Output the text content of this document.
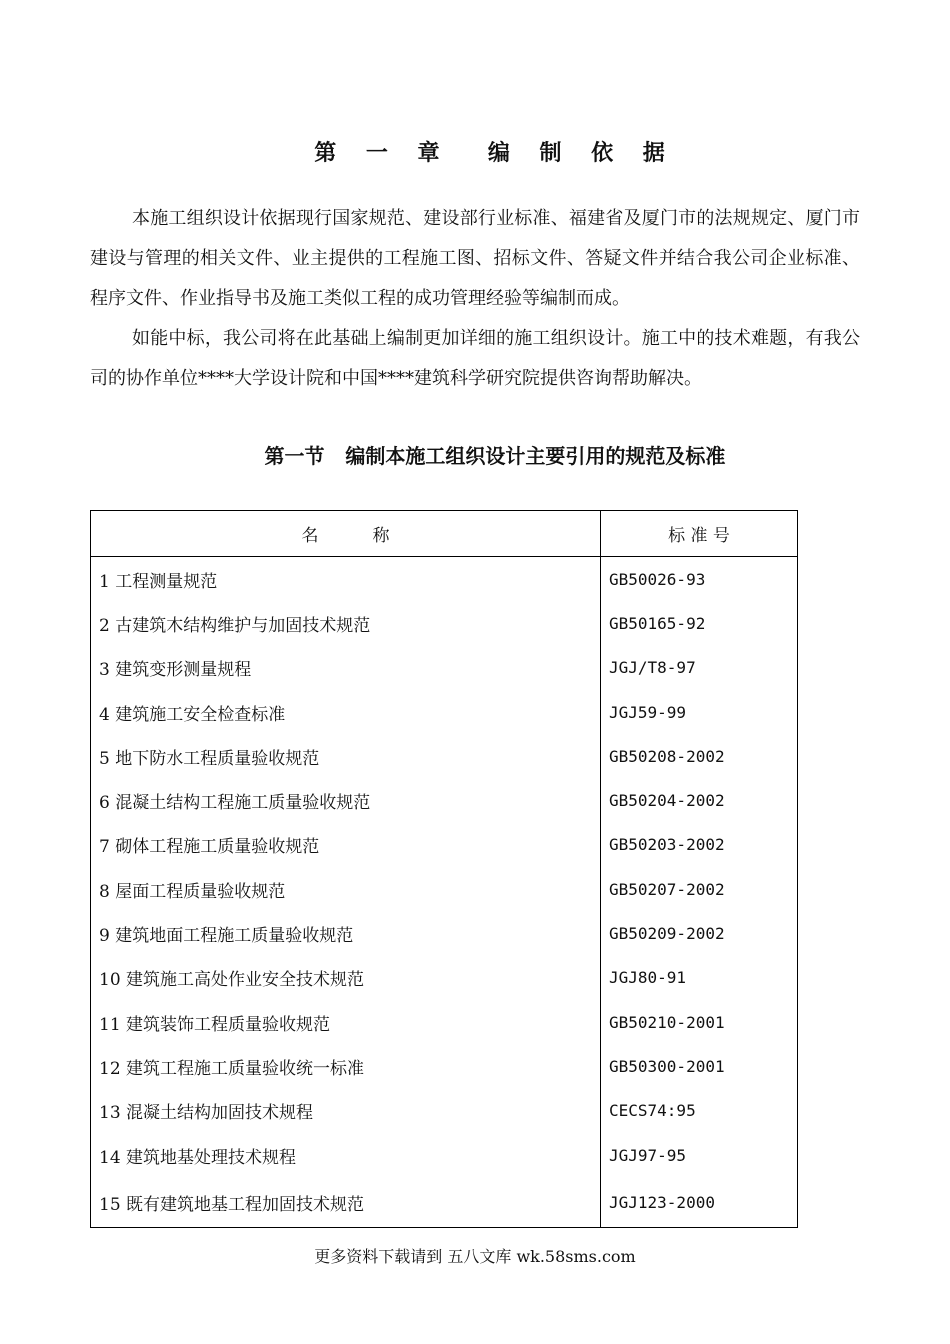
第 一 章  编 制 依 据

本施工组织设计依据现行国家规范、建设部行业标准、福建省及厦门市的法规规定、厦门市建设与管理的相关文件、业主提供的工程施工图、招标文件、答疑文件并结合我公司企业标准、程序文件、作业指导书及施工类似工程的成功管理经验等编制而成。

如能中标，我公司将在此基础上编制更加详细的施工组织设计。施工中的技术难题，有我公司的协作单位****大学设计院和中国****建筑科学研究院提供咨询帮助解决。

第一节   编制本施工组织设计主要引用的规范及标准
名          称	标 准 号
1 工程测量规范	GB50026-93
2 古建筑木结构维护与加固技术规范	GB50165-92
3 建筑变形测量规程	JGJ/T8-97
4 建筑施工安全检查标准	JGJ59-99
5 地下防水工程质量验收规范	GB50208-2002
6 混凝土结构工程施工质量验收规范	GB50204-2002
7 砌体工程施工质量验收规范	GB50203-2002
8 屋面工程质量验收规范	GB50207-2002
9 建筑地面工程施工质量验收规范	GB50209-2002
10 建筑施工高处作业安全技术规范	JGJ80-91
11 建筑装饰工程质量验收规范	GB50210-2001
12 建筑工程施工质量验收统一标准	GB50300-2001
13 混凝土结构加固技术规程	CECS74:95
14 建筑地基处理技术规程	JGJ97-95
15 既有建筑地基工程加固技术规范	JGJ123-2000
更多资料下载请到 五八文库 wk.58sms.com
